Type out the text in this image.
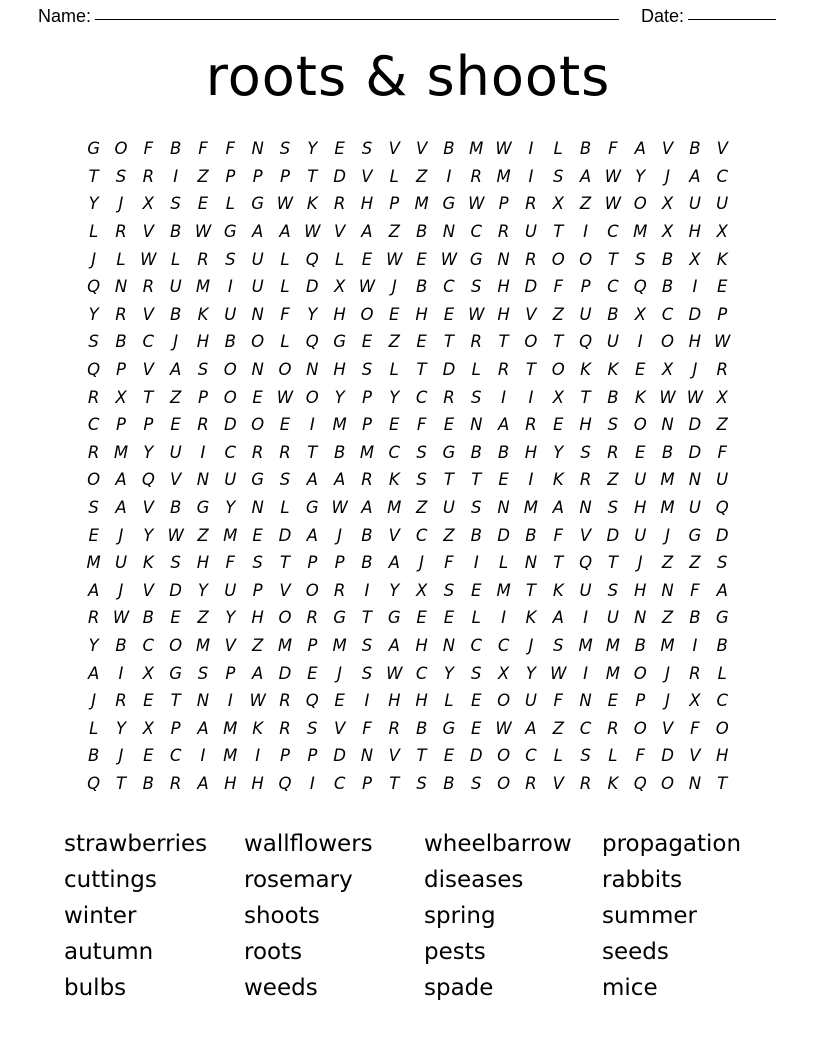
Name:	Date:
roots & shoots
G O F	B	F	F N S	Y	E	S V V B M W	I	L	B	F	A V B V
T	S R	I	Z	P	P	P	T D V	L	Z	I	R M	I	S A W Y	J	A C
Y	J	X S	E	L G W K R H P M G W P	R X Z W O X U U
L	R V B W G A A W V A Z B N C R U T	I	C M X H X
J	L W L	R S U	L Q L	E W E W G N R O O T	S B X K
Q N R U M	I	U	L D X W	J	B C S H D F	P	C Q B	I	E
Y	R V B K U N F	Y H O E H E W H V Z U B X C D P
S B C	J	H B O L Q G E Z E	T	R	T O T Q U	I	O H W
Q P	V A S O N O N H S	L	T D L	R	T O K	K	E X	J	R
R X	T	Z	P O E W O Y	P	Y	C R S	I	I	X	T	B K W W X
C	P	P	E R D O E	I	M P	E	F	E N A R E H S O N D Z
R M Y U	I	C R R	T	B M C S G B B H Y	S R E B D F
O A Q V N U G S A A R K	S	T	T	E	I	K R Z U M N U
S A V B G Y N	L G W A M Z U S N M A N S H M U Q
E	J	Y W Z M E D A	J	B V C Z B D B	F	V D U	J	G D
M U K	S H F	S	T	P	P	B A	J	F	I	L	N T Q T	J	Z Z S
A	J	V D Y U P	V O R	I	Y	X S	E M T	K U S H N F	A
R W B E Z	Y H O R G T G E	E	L	I	K A	I	U N Z B G
Y	B C O M V Z M P M S A H N C C	J	S M M B M	I	B
A	I	X G S	P	A D E	J	S W C	Y	S X	Y W	I	M O	J	R	L
J	R E	T N	I	W R Q E	I	H H	L	E O U	F N E	P	J	X C
L	Y	X	P	A M K R S V	F	R B G E W A Z C R O V	F O
B	J	E C	I	M	I	P	P D N V	T	E D O C	L	S	L	F D V H
Q T	B R A H H Q	I	C	P	T	S B S O R V R K Q O N T
strawberries	wallflowers	wheelbarrow	propagation
cuttings	rosemary	diseases	rabbits
winter	shoots	spring	summer
autumn	roots	pests	seeds
bulbs	weeds	spade	mice
